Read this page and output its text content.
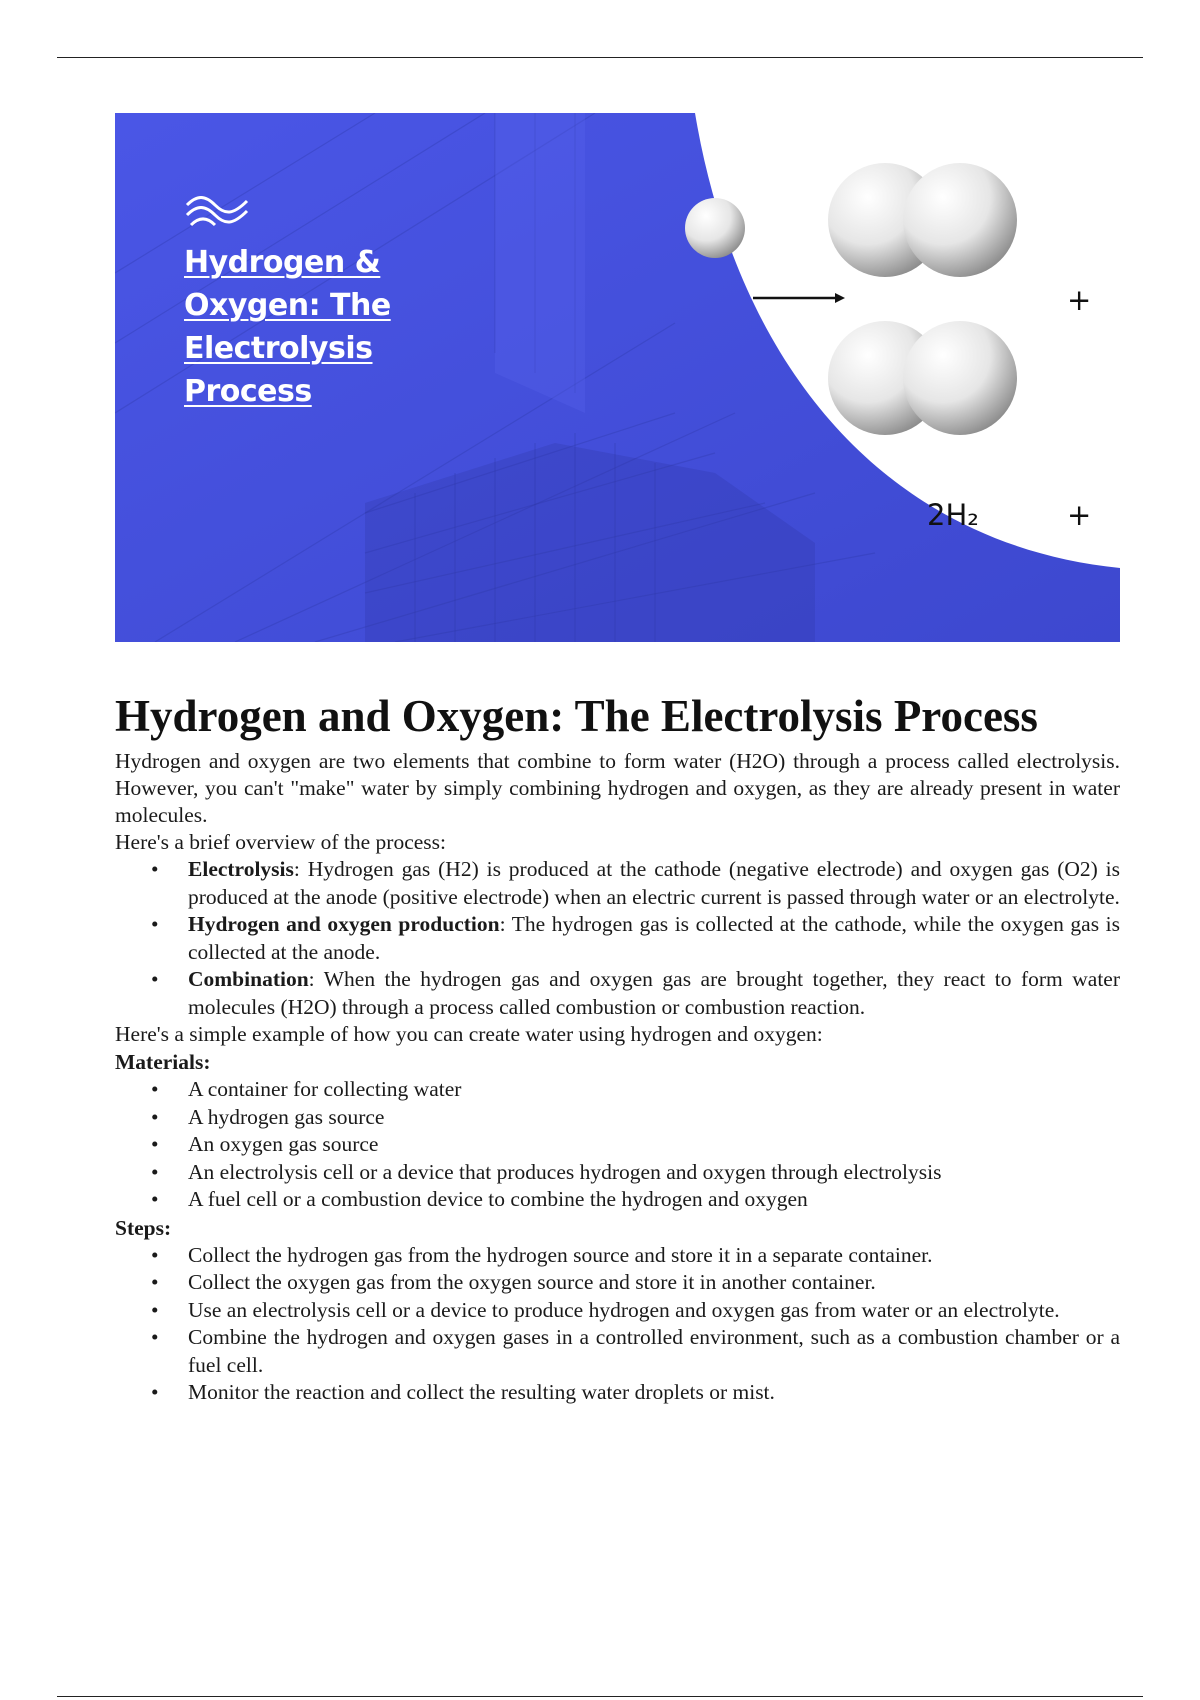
Hydrogen & Oxygen: The Electrolysis Process
2H₂
+
+
Hydrogen and Oxygen: The Electrolysis Process

Hydrogen and oxygen are two elements that combine to form water (H2O) through a process called electrolysis. However, you can't "make" water by simply combining hydrogen and oxygen, as they are already present in water molecules.

Here's a brief overview of the process:

• Electrolysis: Hydrogen gas (H2) is produced at the cathode (negative electrode) and oxygen gas (O2) is produced at the anode (positive electrode) when an electric current is passed through water or an electrolyte.
• Hydrogen and oxygen production: The hydrogen gas is collected at the cathode, while the oxygen gas is collected at the anode.
• Combination: When the hydrogen gas and oxygen gas are brought together, they react to form water molecules (H2O) through a process called combustion or combustion reaction.

Here's a simple example of how you can create water using hydrogen and oxygen:

Materials:
• A container for collecting water
• A hydrogen gas source
• An oxygen gas source
• An electrolysis cell or a device that produces hydrogen and oxygen through electrolysis
• A fuel cell or a combustion device to combine the hydrogen and oxygen
Steps:
• Collect the hydrogen gas from the hydrogen source and store it in a separate container.
• Collect the oxygen gas from the oxygen source and store it in another container.
• Use an electrolysis cell or a device to produce hydrogen and oxygen gas from water or an electrolyte.
• Combine the hydrogen and oxygen gases in a controlled environment, such as a combustion chamber or a fuel cell.
• Monitor the reaction and collect the resulting water droplets or mist.
